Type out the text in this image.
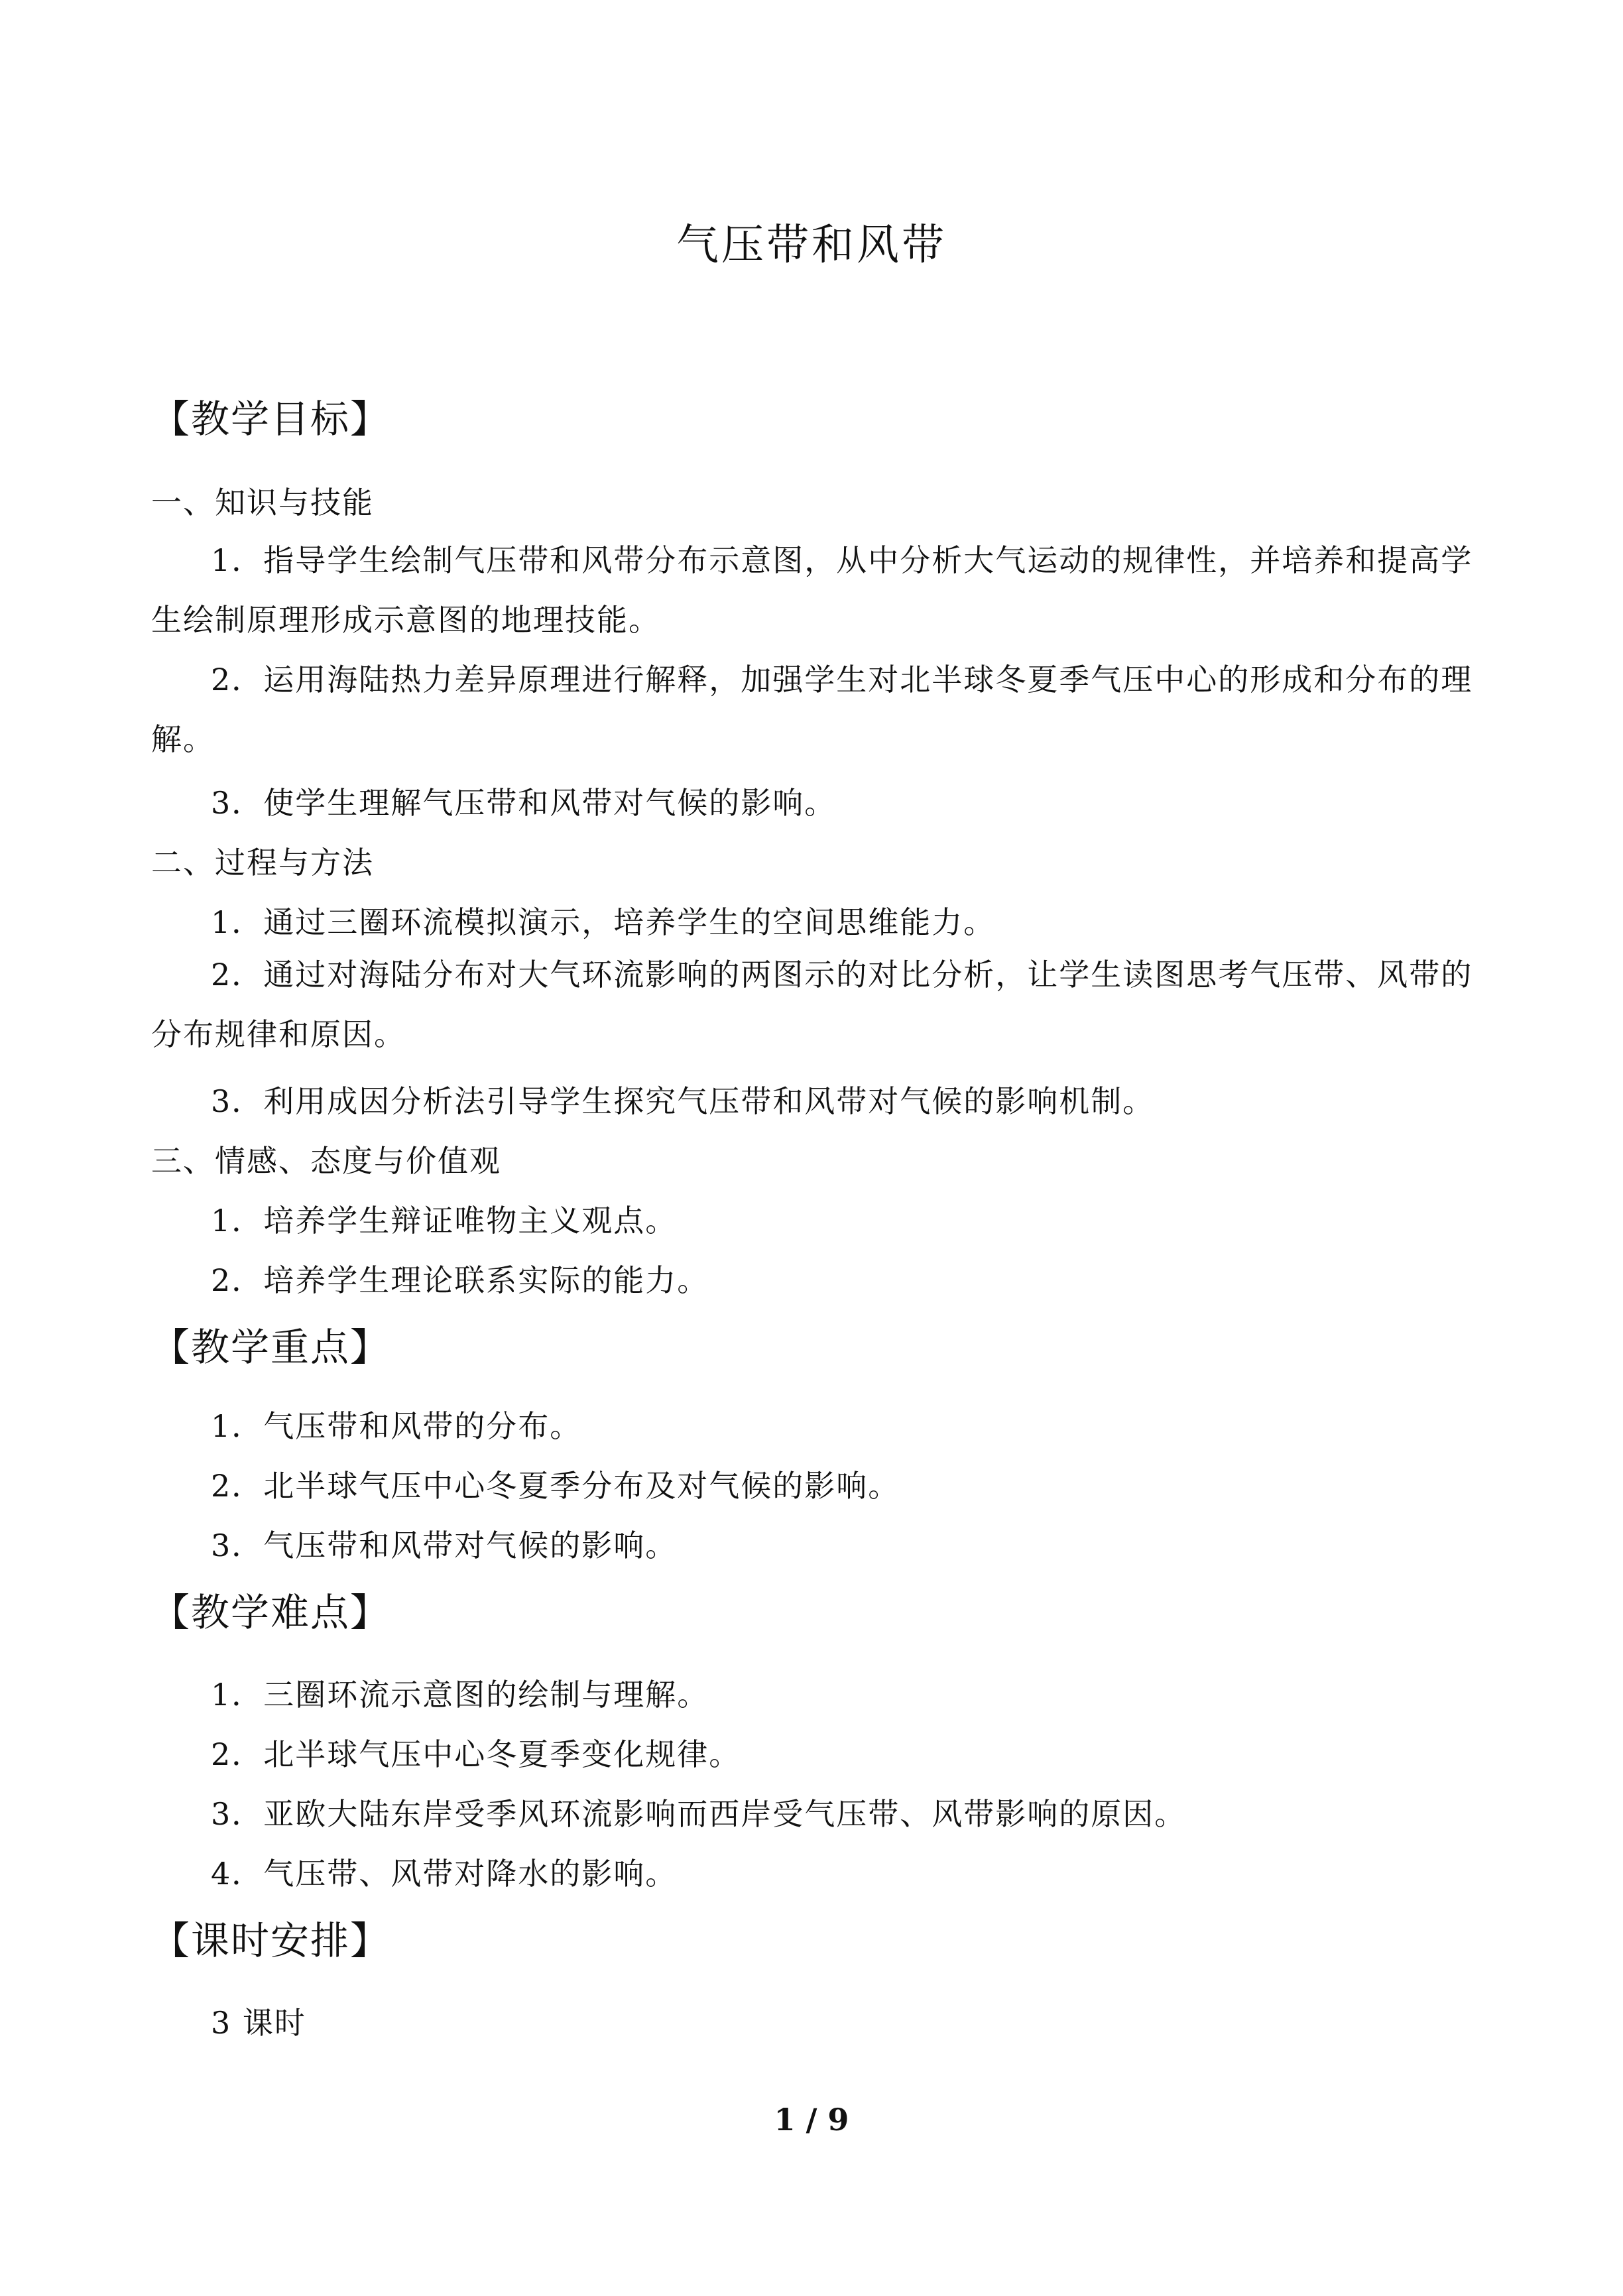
气压带和风带
【教学目标】
一、知识与技能
1．指导学生绘制气压带和风带分布示意图，从中分析大气运动的规律性，并培养和提高学生绘制原理形成示意图的地理技能。
2．运用海陆热力差异原理进行解释，加强学生对北半球冬夏季气压中心的形成和分布的理解。
3．使学生理解气压带和风带对气候的影响。
二、过程与方法
1．通过三圈环流模拟演示，培养学生的空间思维能力。
2．通过对海陆分布对大气环流影响的两图示的对比分析，让学生读图思考气压带、风带的分布规律和原因。
3．利用成因分析法引导学生探究气压带和风带对气候的影响机制。
三、情感、态度与价值观
1．培养学生辩证唯物主义观点。
2．培养学生理论联系实际的能力。
【教学重点】
1．气压带和风带的分布。
2．北半球气压中心冬夏季分布及对气候的影响。
3．气压带和风带对气候的影响。
【教学难点】
1．三圈环流示意图的绘制与理解。
2．北半球气压中心冬夏季变化规律。
3．亚欧大陆东岸受季风环流影响而西岸受气压带、风带影响的原因。
4．气压带、风带对降水的影响。
【课时安排】
3 课时
1 / 9
